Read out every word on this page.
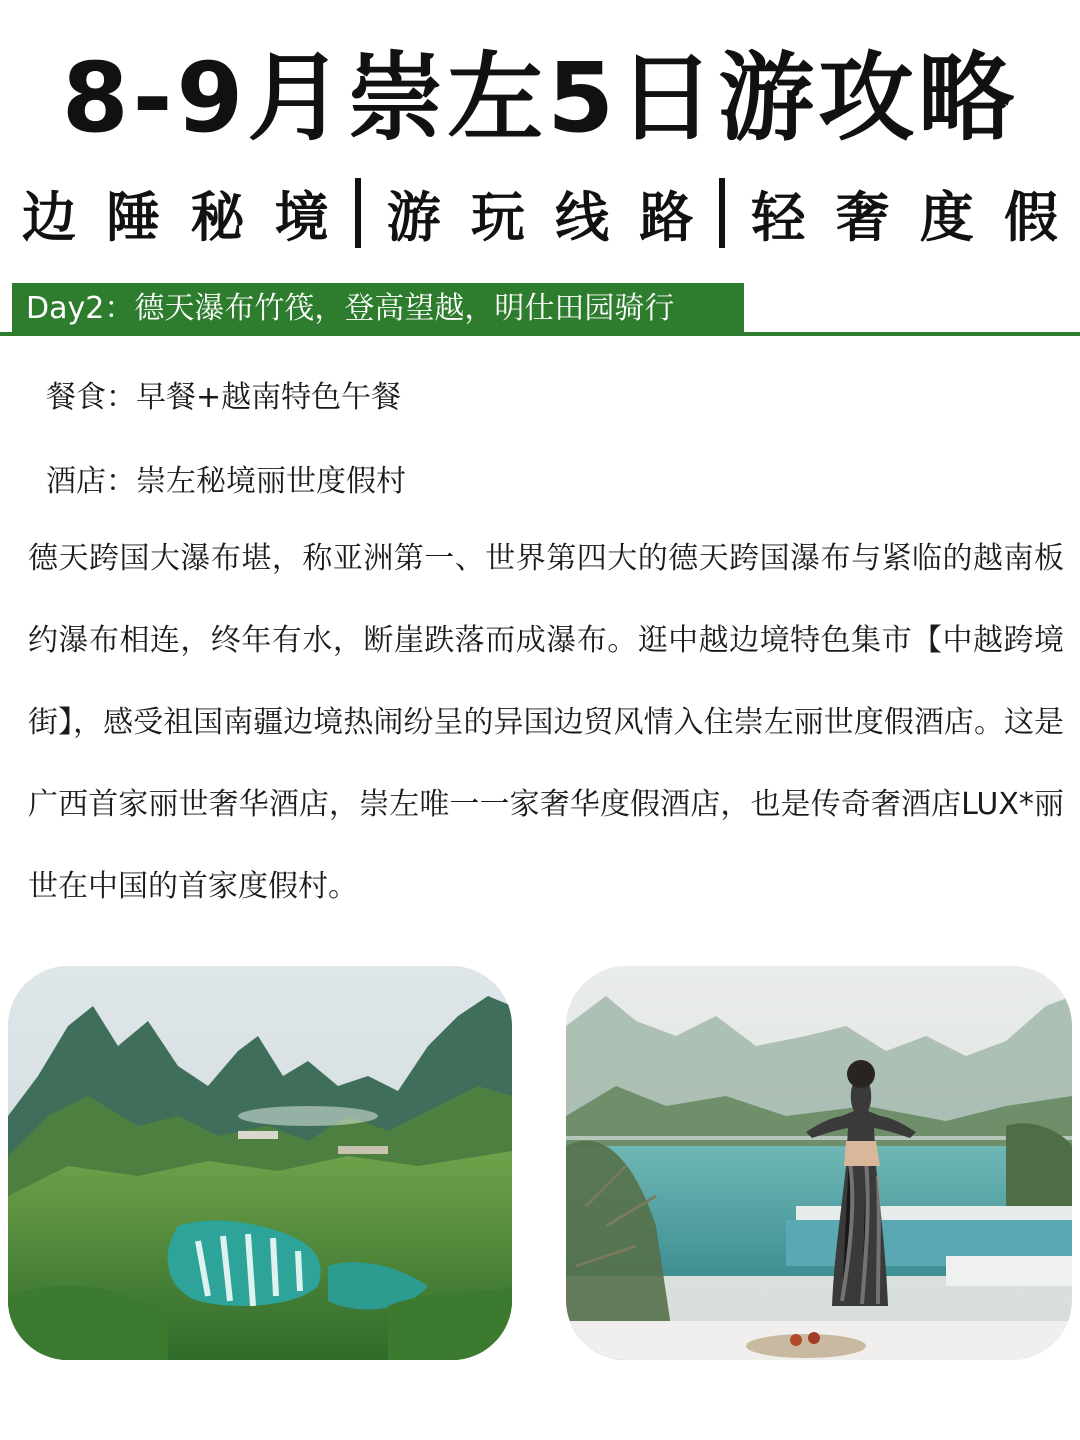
8-9月崇左5日游攻略
边 陲 秘 境 游 玩 线 路 轻 奢 度 假
Day2：德天瀑布竹筏，登高望越，明仕田园骑行
餐食：早餐+越南特色午餐
酒店：崇左秘境丽世度假村
德天跨国大瀑布堪，称亚洲第一、世界第四大的德天跨国瀑布与紧临的越南板约瀑布相连，终年有水，断崖跌落而成瀑布。逛中越边境特色集市【中越跨境街】，感受祖国南疆边境热闹纷呈的异国边贸风情入住崇左丽世度假酒店。这是广西首家丽世奢华酒店，崇左唯一一家奢华度假酒店，也是传奇奢酒店LUX*丽世在中国的首家度假村。
